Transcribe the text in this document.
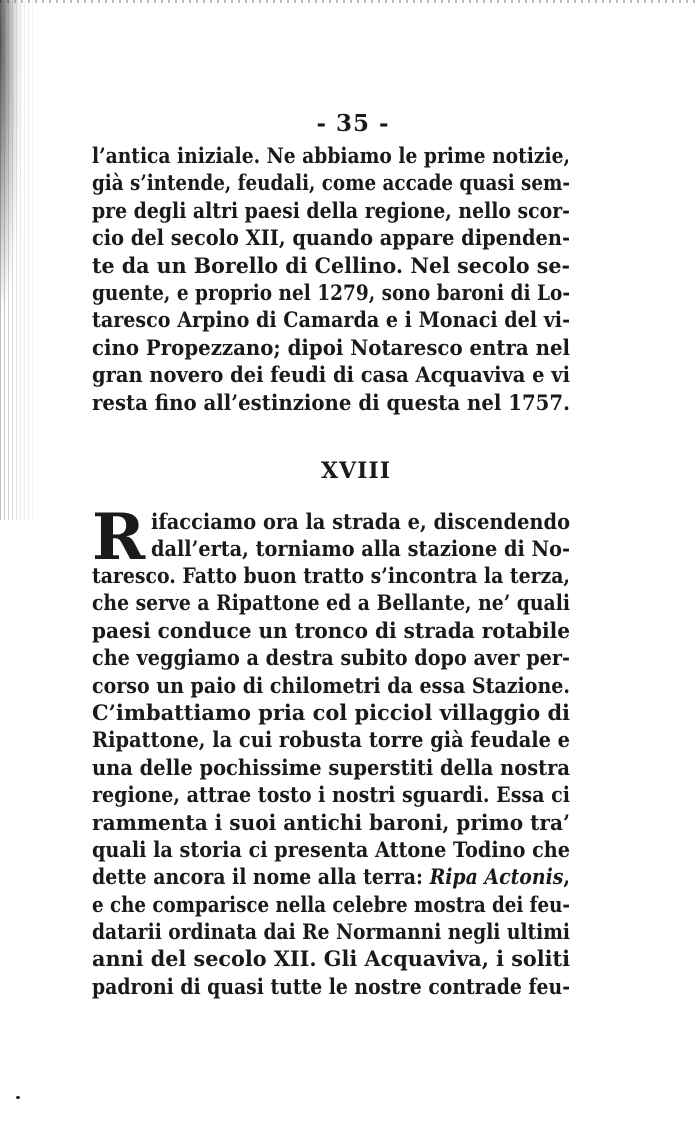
- 35 -
l’antica iniziale. Ne abbiamo le prime notizie,
già s’intende, feudali, come accade quasi sem-
pre degli altri paesi della regione, nello scor-
cio del secolo XII, quando appare dipenden-
te da un Borello di Cellino. Nel secolo se-
guente, e proprio nel 1279, sono baroni di Lo-
taresco Arpino di Camarda e i Monaci del vi-
cino Propezzano; dipoi Notaresco entra nel
gran novero dei feudi di casa Acquaviva e vi
resta fino all’estinzione di questa nel 1757.
XVIII
R ifacciamo ora la strada e, discendendo
dall’erta, torniamo alla stazione di No-
taresco. Fatto buon tratto s’incontra la terza,
che serve a Ripattone ed a Bellante, ne’ quali
paesi conduce un tronco di strada rotabile
che veggiamo a destra subito dopo aver per-
corso un paio di chilometri da essa Stazione.
C’imbattiamo pria col picciol villaggio di
Ripattone, la cui robusta torre già feudale e
una delle pochissime superstiti della nostra
regione, attrae tosto i nostri sguardi. Essa ci
rammenta i suoi antichi baroni, primo tra’
quali la storia ci presenta Attone Todino che
dette ancora il nome alla terra: Ripa Actonis,
e che comparisce nella celebre mostra dei feu-
datarii ordinata dai Re Normanni negli ultimi
anni del secolo XII. Gli Acquaviva, i soliti
padroni di quasi tutte le nostre contrade feu-
